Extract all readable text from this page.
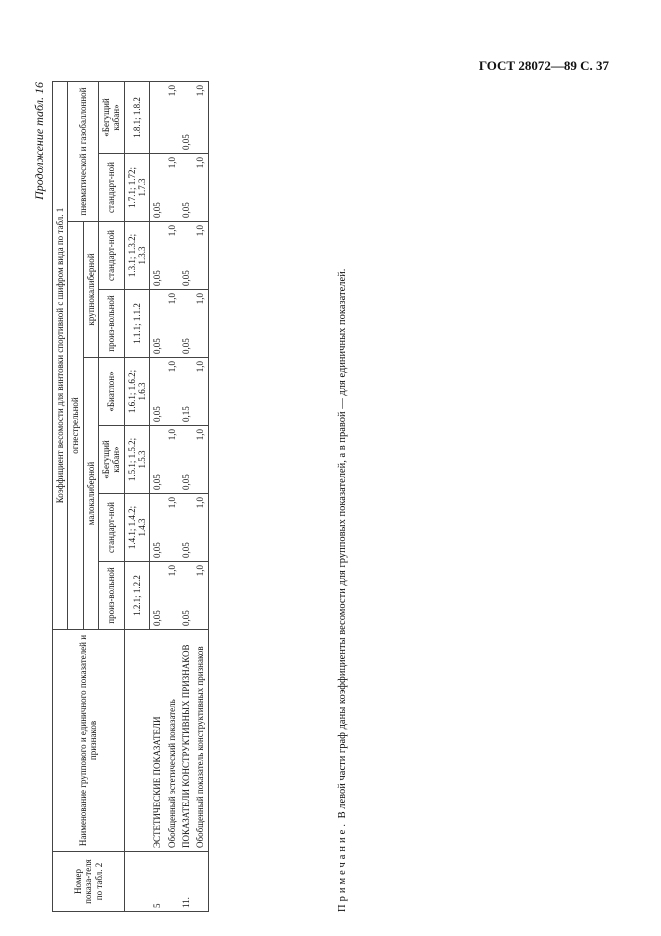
ГОСТ 28072—89 С. 37
Продолжение табл. 16
Номер показа-теля по табл. 2	Наименование группового и единичного показателей и признаков	Коэффициент весомости для винтовки спортивной с шифром вида по табл. 1							
		огнестрельной						пневматической и газобаллонной	
		малокалиберной				крупнокалиберной			
		произ-вольной	стандарт-ной	«Бегущий кабан»	«Биатлон»	произ-вольной	стандарт-ной	стандарт-ной	«Бегущий кабан»
		1.2.1; 1.2.2	1.4.1; 1.4.2; 1.4.3	1.5.1; 1.5.2; 1.5.3	1.6.1; 1.6.2; 1.6.3	1.1.1; 1.1.2	1.3.1; 1.3.2; 1.3.3	1.7.1; 1.72; 1.7.3	1.8.1; 1.8.2
5	ЭСТЕТИЧЕСКИЕ ПОКАЗАТЕЛИ	0,05	0,05	0,05	0,05	0,05	0,05	0,05	
	Обобщенный эстетический показатель	1,0	1,0	1,0	1,0	1,0	1,0	1,0	1,0
11.	ПОКАЗАТЕЛИ КОНСТРУКТИВНЫХ ПРИЗНАКОВ	0,05	0,05	0,05	0,15	0,05	0,05	0,05	0,05
	Обобщенный показатель конструктивных признаков	1,0	1,0	1,0	1,0	1,0	1,0	1,0	1,0
Примечание. В левой части граф даны коэффициенты весомости для групповых показателей, а в правой — для единичных показателей.
